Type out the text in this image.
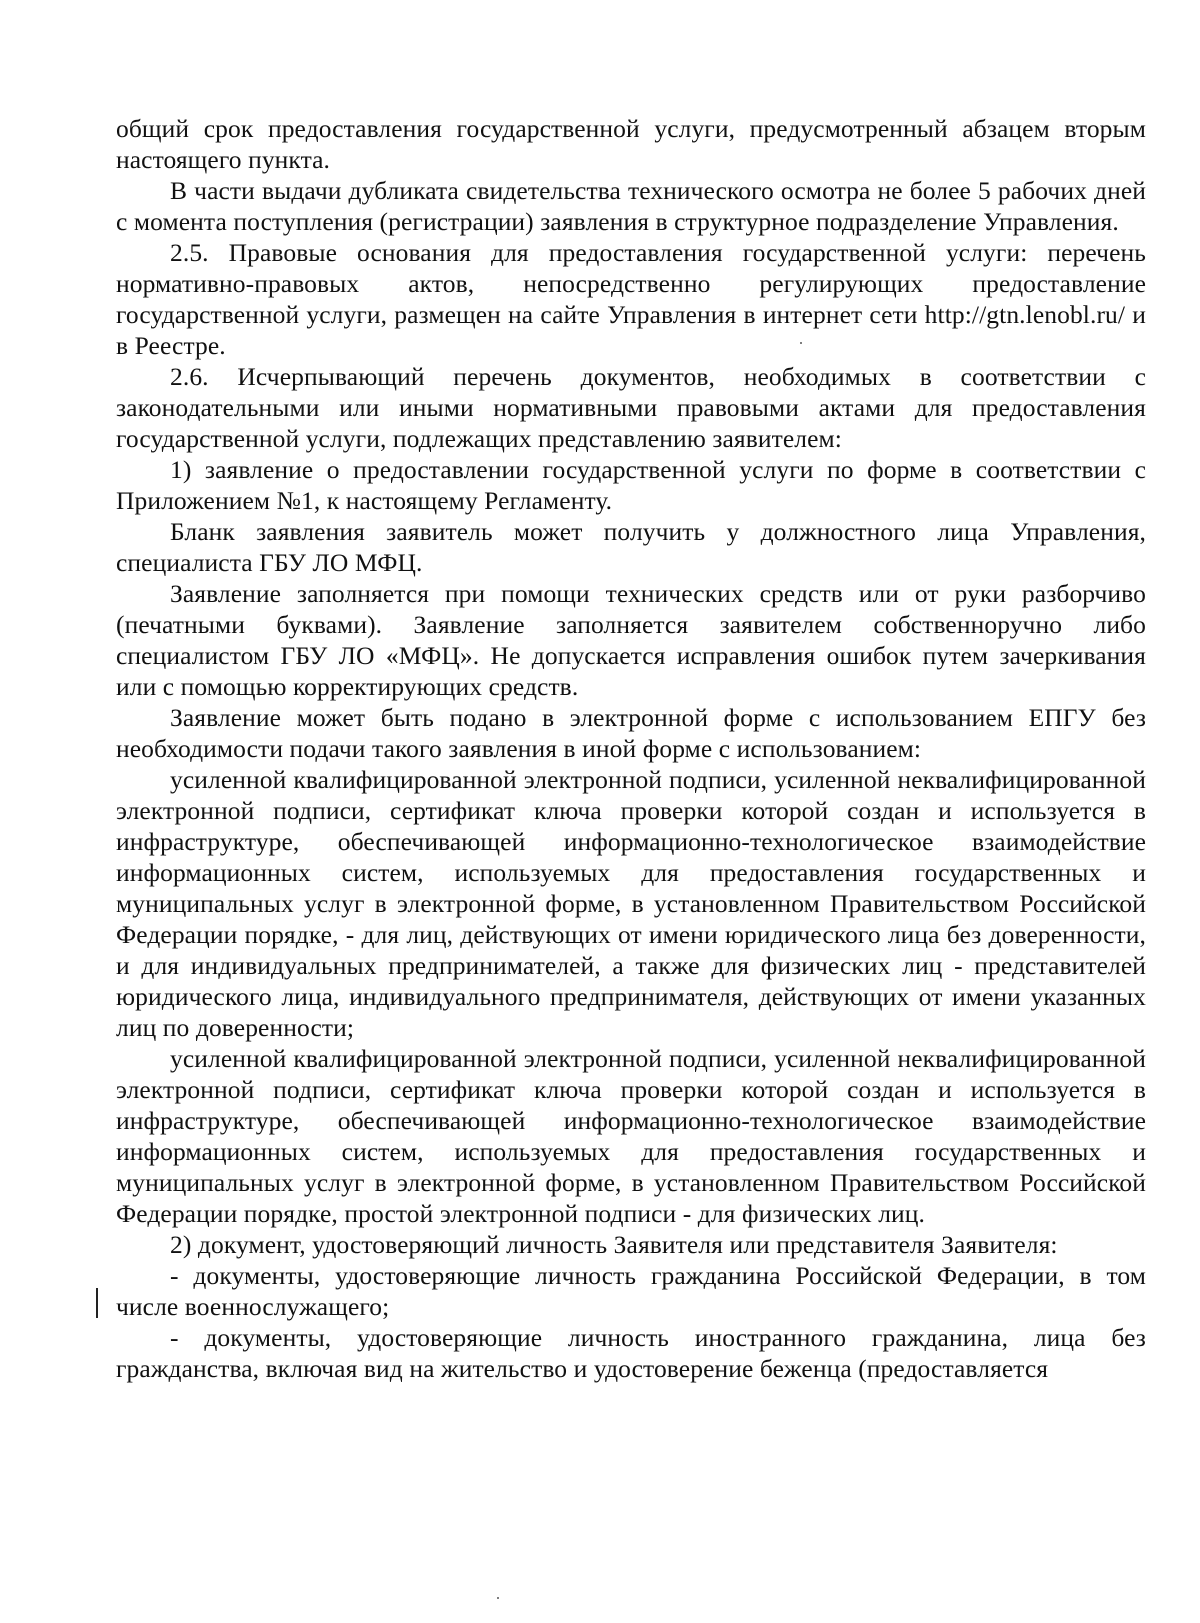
общий срок предоставления государственной услуги, предусмотренный абзацем вторым настоящего пункта.

В части выдачи дубликата свидетельства технического осмотра не более 5 рабочих дней с момента поступления (регистрации) заявления в структурное подразделение Управления.

2.5. Правовые основания для предоставления государственной услуги: перечень нормативно-правовых актов, непосредственно регулирующих предоставление государственной услуги, размещен на сайте Управления в интернет сети http://gtn.lenobl.ru/ и в Реестре.

2.6. Исчерпывающий перечень документов, необходимых в соответствии с законодательными или иными нормативными правовыми актами для предоставления государственной услуги, подлежащих представлению заявителем:

1) заявление о предоставлении государственной услуги по форме в соответствии с Приложением №1, к настоящему Регламенту.

Бланк заявления заявитель может получить у должностного лица Управления, специалиста ГБУ ЛО МФЦ.

Заявление заполняется при помощи технических средств или от руки разборчиво (печатными буквами). Заявление заполняется заявителем собственноручно либо специалистом ГБУ ЛО «МФЦ». Не допускается исправления ошибок путем зачеркивания или с помощью корректирующих средств.

Заявление может быть подано в электронной форме с использованием ЕПГУ без необходимости подачи такого заявления в иной форме с использованием:

усиленной квалифицированной электронной подписи, усиленной неквалифицированной электронной подписи, сертификат ключа проверки которой создан и используется в инфраструктуре, обеспечивающей информационно-технологическое взаимодействие информационных систем, используемых для предоставления государственных и муниципальных услуг в электронной форме, в установленном Правительством Российской Федерации порядке, - для лиц, действующих от имени юридического лица без доверенности, и для индивидуальных предпринимателей, а также для физических лиц - представителей юридического лица, индивидуального предпринимателя, действующих от имени указанных лиц по доверенности;

усиленной квалифицированной электронной подписи, усиленной неквалифицированной электронной подписи, сертификат ключа проверки которой создан и используется в инфраструктуре, обеспечивающей информационно-технологическое взаимодействие информационных систем, используемых для предоставления государственных и муниципальных услуг в электронной форме, в установленном Правительством Российской Федерации порядке, простой электронной подписи - для физических лиц.

2) документ, удостоверяющий личность Заявителя или представителя Заявителя:

- документы, удостоверяющие личность гражданина Российской Федерации, в том числе военнослужащего;

- документы, удостоверяющие личность иностранного гражданина, лица без гражданства, включая вид на жительство и удостоверение беженца (предоставляется
